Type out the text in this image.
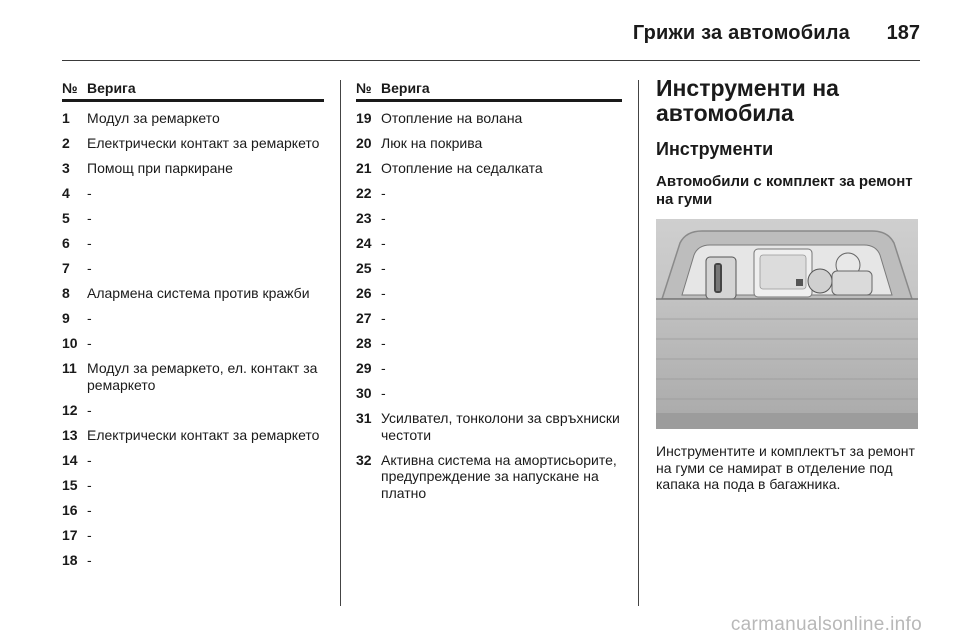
Грижи за автомобила 187
№ Верига
1	Модул за ремаркето
2	Електрически контакт за ремаркето
3	Помощ при паркиране
4	-
5	-
6	-
7	-
8	Алармена система против кражби
9	-
10 -
11 Модул за ремаркето, ел. контакт за ремаркето
12 -
13 Електрически контакт за ремаркето
14 -
15 -
16 -
17 -
18 -
№ Верига
19 Отопление на волана
20 Люк на покрива
21 Отопление на седалката
22 -
23 -
24 -
25 -
26 -
27 -
28 -
29 -
30 -
31 Усилвател, тонколони за свръхниски честоти
32 Активна система на амортисьорите, предупреждение за напускане на платно
Инструменти на автомобила
Инструменти
Автомобили с комплект за ремонт на гуми
Инструментите и комплектът за ремонт на гуми се намират в отделение под капака на пода в багажника.
carmanualsonline.info
